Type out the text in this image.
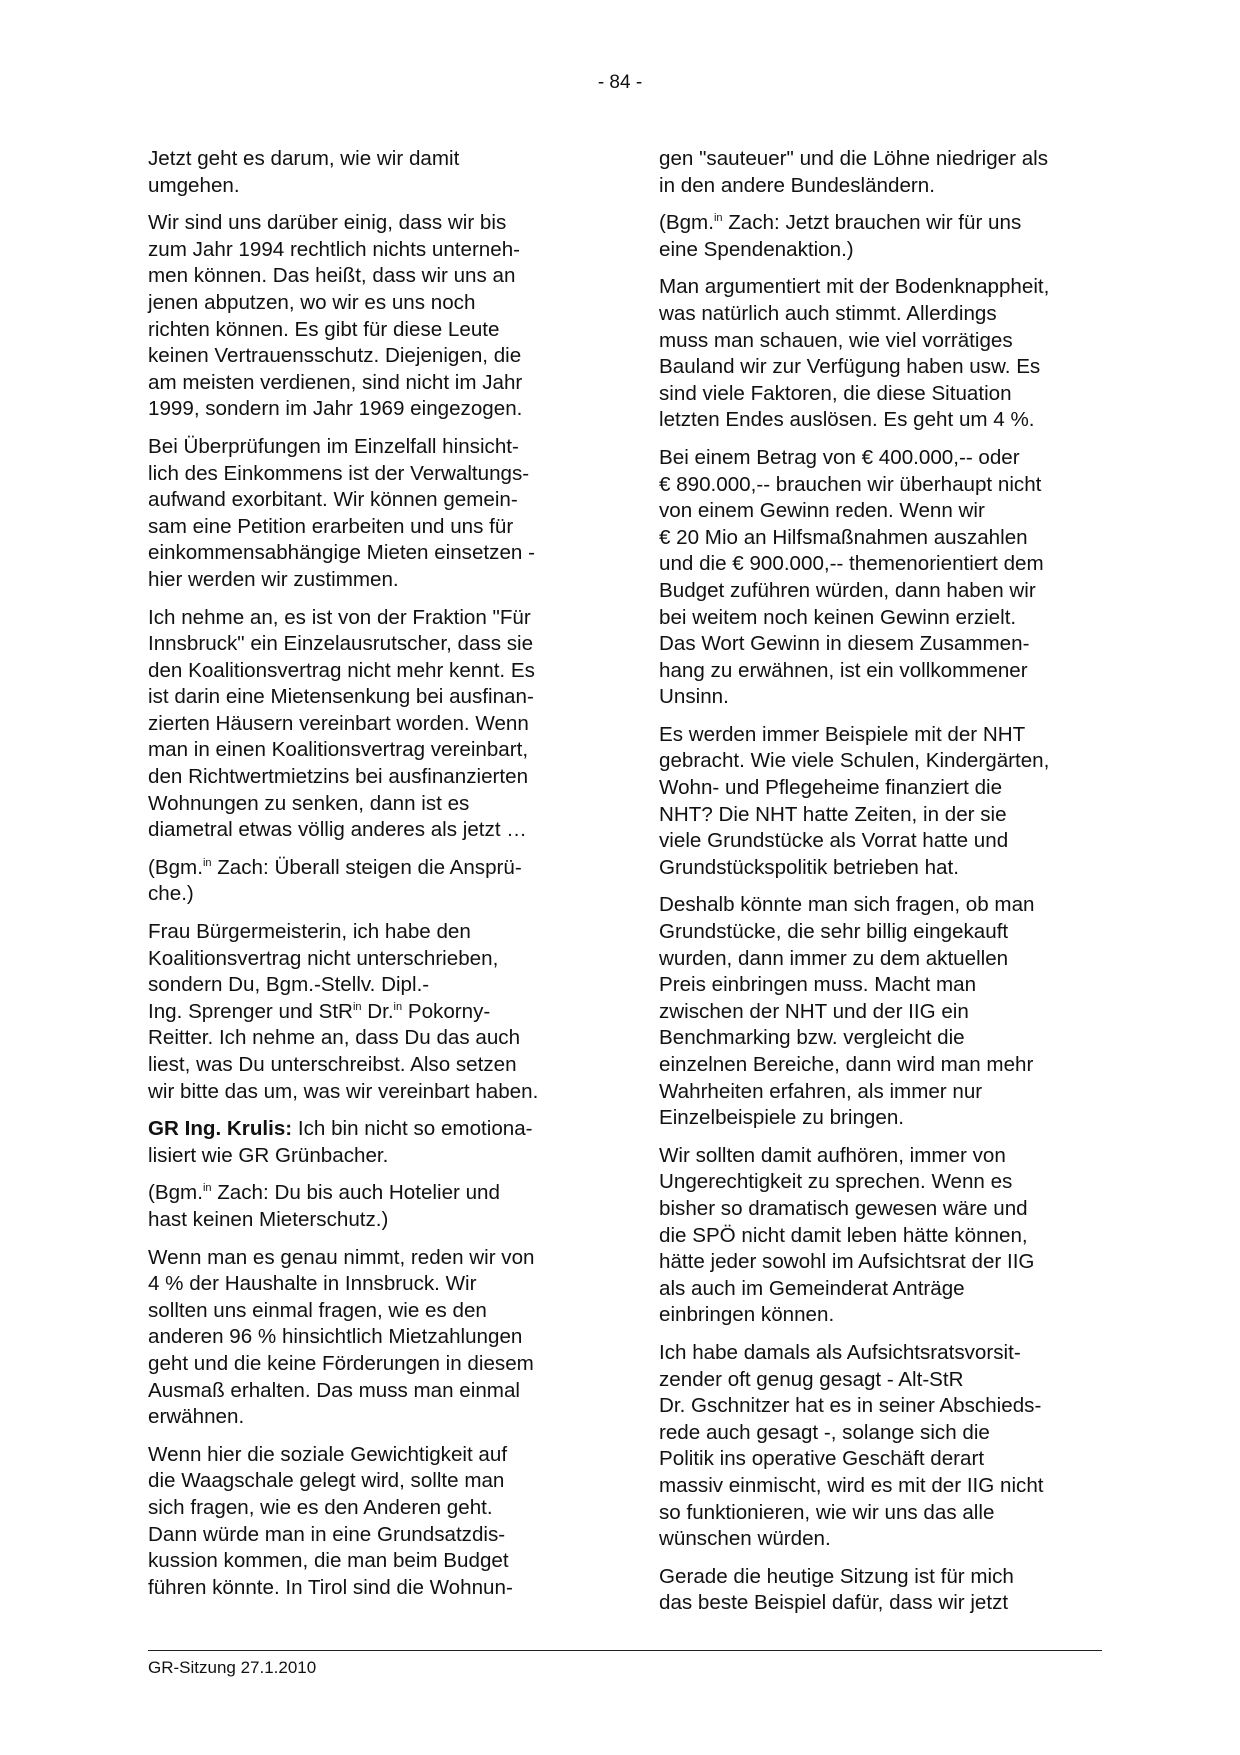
- 84 -
Jetzt geht es darum, wie wir damit
umgehen.
Wir sind uns darüber einig, dass wir bis
zum Jahr 1994 rechtlich nichts unterneh-
men können. Das heißt, dass wir uns an
jenen abputzen, wo wir es uns noch
richten können. Es gibt für diese Leute
keinen Vertrauensschutz. Diejenigen, die
am meisten verdienen, sind nicht im Jahr
1999, sondern im Jahr 1969 eingezogen.
Bei Überprüfungen im Einzelfall hinsicht-
lich des Einkommens ist der Verwaltungs-
aufwand exorbitant. Wir können gemein-
sam eine Petition erarbeiten und uns für
einkommensabhängige Mieten einsetzen -
hier werden wir zustimmen.
Ich nehme an, es ist von der Fraktion "Für
Innsbruck" ein Einzelausrutscher, dass sie
den Koalitionsvertrag nicht mehr kennt. Es
ist darin eine Mietensenkung bei ausfinan-
zierten Häusern vereinbart worden. Wenn
man in einen Koalitionsvertrag vereinbart,
den Richtwertmietzins bei ausfinanzierten
Wohnungen zu senken, dann ist es
diametral etwas völlig anderes als jetzt …
(Bgm.$^{in}$ Zach: Überall steigen die Ansprü-
che.)
Frau Bürgermeisterin, ich habe den
Koalitionsvertrag nicht unterschrieben,
sondern Du, Bgm.-Stellv. Dipl.-
Ing. Sprenger und StR$^{in}$ Dr.$^{in}$ Pokorny-
Reitter. Ich nehme an, dass Du das auch
liest, was Du unterschreibst. Also setzen
wir bitte das um, was wir vereinbart haben.
GR Ing. Krulis: Ich bin nicht so emotiona-
lisiert wie GR Grünbacher.
(Bgm.$^{in}$ Zach: Du bis auch Hotelier und
hast keinen Mieterschutz.)
Wenn man es genau nimmt, reden wir von
4 % der Haushalte in Innsbruck. Wir
sollten uns einmal fragen, wie es den
anderen 96 % hinsichtlich Mietzahlungen
geht und die keine Förderungen in diesem
Ausmaß erhalten. Das muss man einmal
erwähnen.
Wenn hier die soziale Gewichtigkeit auf
die Waagschale gelegt wird, sollte man
sich fragen, wie es den Anderen geht.
Dann würde man in eine Grundsatzdis-
kussion kommen, die man beim Budget
führen könnte. In Tirol sind die Wohnun-
gen "sauteuer" und die Löhne niedriger als
in den andere Bundesländern.
(Bgm.$^{in}$ Zach: Jetzt brauchen wir für uns
eine Spendenaktion.)
Man argumentiert mit der Bodenknappheit,
was natürlich auch stimmt. Allerdings
muss man schauen, wie viel vorrätiges
Bauland wir zur Verfügung haben usw. Es
sind viele Faktoren, die diese Situation
letzten Endes auslösen. Es geht um 4 %.
Bei einem Betrag von € 400.000,-- oder
€ 890.000,-- brauchen wir überhaupt nicht
von einem Gewinn reden. Wenn wir
€ 20 Mio an Hilfsmaßnahmen auszahlen
und die € 900.000,-- themenorientiert dem
Budget zuführen würden, dann haben wir
bei weitem noch keinen Gewinn erzielt.
Das Wort Gewinn in diesem Zusammen-
hang zu erwähnen, ist ein vollkommener
Unsinn.
Es werden immer Beispiele mit der NHT
gebracht. Wie viele Schulen, Kindergärten,
Wohn- und Pflegeheime finanziert die
NHT? Die NHT hatte Zeiten, in der sie
viele Grundstücke als Vorrat hatte und
Grundstückspolitik betrieben hat.
Deshalb könnte man sich fragen, ob man
Grundstücke, die sehr billig eingekauft
wurden, dann immer zu dem aktuellen
Preis einbringen muss. Macht man
zwischen der NHT und der IIG ein
Benchmarking bzw. vergleicht die
einzelnen Bereiche, dann wird man mehr
Wahrheiten erfahren, als immer nur
Einzelbeispiele zu bringen.
Wir sollten damit aufhören, immer von
Ungerechtigkeit zu sprechen. Wenn es
bisher so dramatisch gewesen wäre und
die SPÖ nicht damit leben hätte können,
hätte jeder sowohl im Aufsichtsrat der IIG
als auch im Gemeinderat Anträge
einbringen können.
Ich habe damals als Aufsichtsratsvorsit-
zender oft genug gesagt - Alt-StR
Dr. Gschnitzer hat es in seiner Abschieds-
rede auch gesagt -, solange sich die
Politik ins operative Geschäft derart
massiv einmischt, wird es mit der IIG nicht
so funktionieren, wie wir uns das alle
wünschen würden.
Gerade die heutige Sitzung ist für mich
das beste Beispiel dafür, dass wir jetzt
GR-Sitzung 27.1.2010
